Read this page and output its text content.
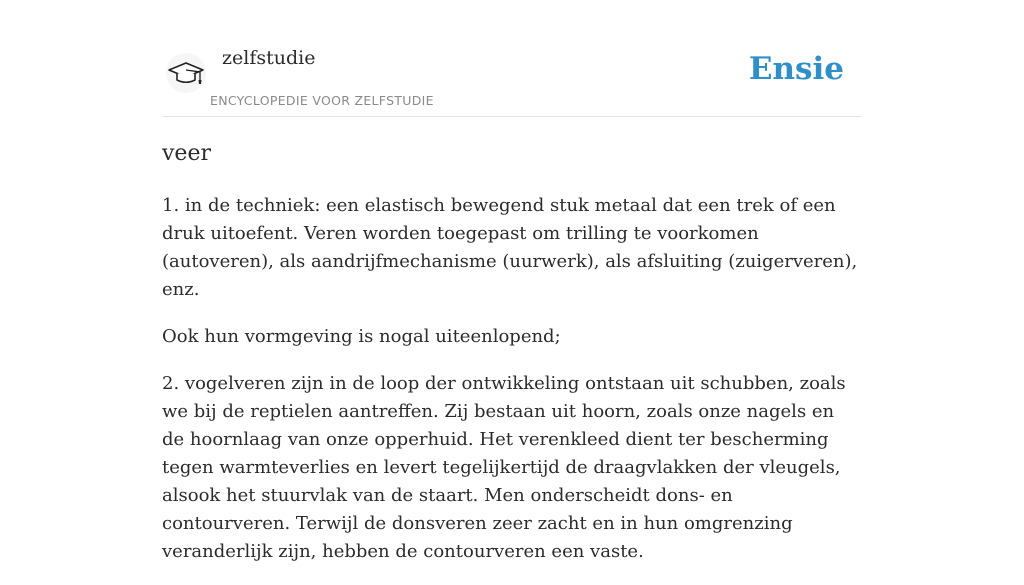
zelfstudie
ENCYCLOPEDIE VOOR ZELFSTUDIE
Ensie
veer

1. in de techniek: een elastisch bewegend stuk metaal dat een trek of een druk uitoefent. Veren worden toegepast om trilling te voorkomen (autoveren), als aandrijfmechanisme (uurwerk), als afsluiting (zuigerveren), enz.

Ook hun vormgeving is nogal uiteenlopend;

2. vogelveren zijn in de loop der ontwikkeling ontstaan uit schubben, zoals we bij de reptielen aantreffen. Zij bestaan uit hoorn, zoals onze nagels en de hoornlaag van onze opperhuid. Het verenkleed dient ter bescherming tegen warmteverlies en levert tegelijkertijd de draagvlakken der vleugels, alsook het stuurvlak van de staart. Men onderscheidt dons- en contourveren. Terwijl de donsveren zeer zacht en in hun omgrenzing veranderlijk zijn, hebben de contourveren een vaste.
